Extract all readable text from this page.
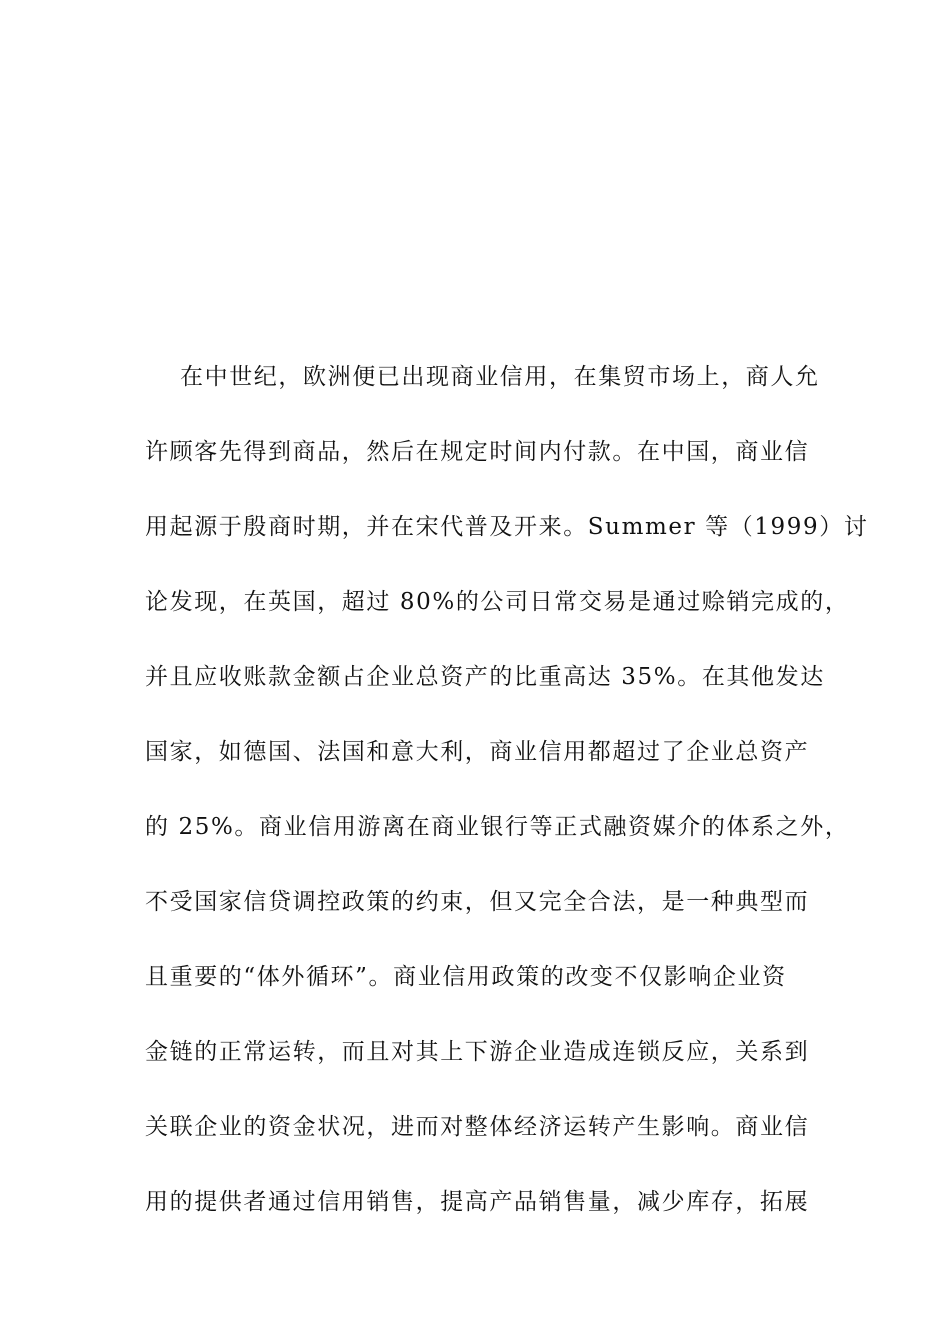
在中世纪，欧洲便已出现商业信用，在集贸市场上，商人允
许顾客先得到商品，然后在规定时间内付款。在中国，商业信
用起源于殷商时期，并在宋代普及开来。Summer 等（1999）讨
论发现，在英国，超过 80%的公司日常交易是通过赊销完成的，
并且应收账款金额占企业总资产的比重高达 35%。在其他发达
国家，如德国、法国和意大利，商业信用都超过了企业总资产
的 25%。商业信用游离在商业银行等正式融资媒介的体系之外，
不受国家信贷调控政策的约束，但又完全合法，是一种典型而
且重要的“体外循环”。商业信用政策的改变不仅影响企业资
金链的正常运转，而且对其上下游企业造成连锁反应，关系到
关联企业的资金状况，进而对整体经济运转产生影响。商业信
用的提供者通过信用销售，提高产品销售量，减少库存，拓展
